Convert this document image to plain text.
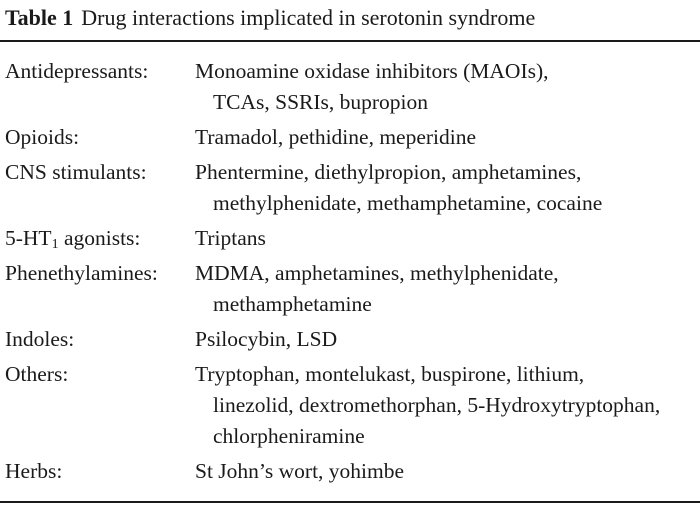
Table 1 Drug interactions implicated in serotonin syndrome
Antidepressants: Monoamine oxidase inhibitors (MAOIs),
TCAs, SSRIs, bupropion
Opioids:	Tramadol, pethidine, meperidine
CNS stimulants: Phentermine, diethylpropion, amphetamines,
methylphenidate, methamphetamine, cocaine
$5-HT_1$ agonists:	Triptans
Phenethylamines: MDMA, amphetamines, methylphenidate,
methamphetamine
Indoles:	Psilocybin, LSD
Others:	Tryptophan, montelukast, buspirone, lithium,
linezolid, dextromethorphan, 5-Hydroxytryptophan,
chlorpheniramine
Herbs:	St John’s wort, yohimbe
